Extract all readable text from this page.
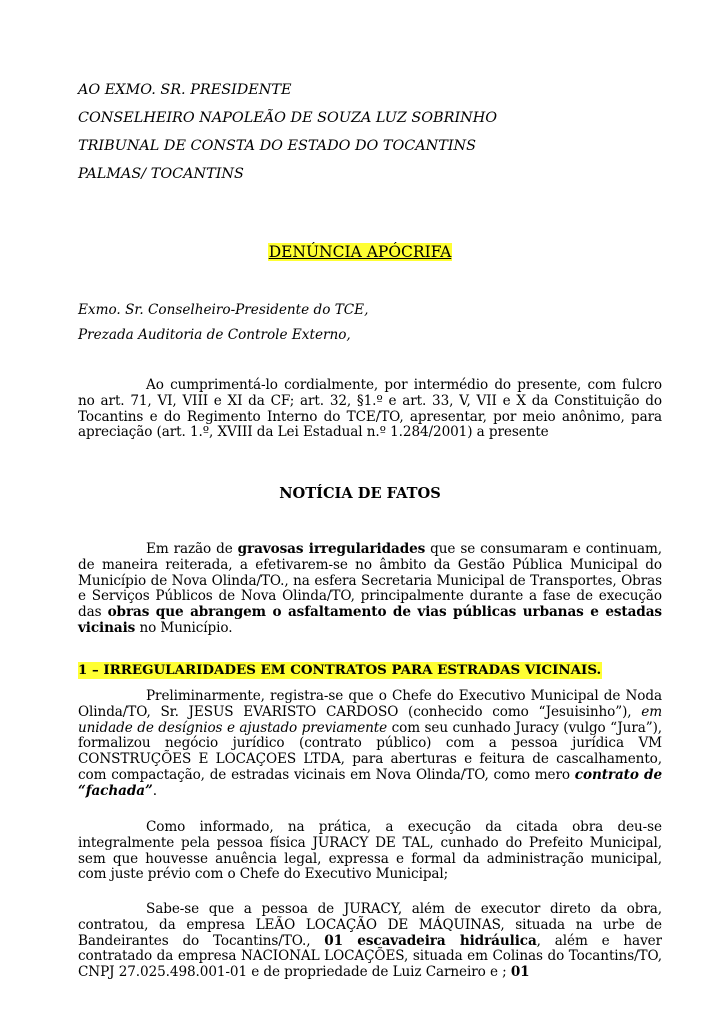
AO EXMO. SR. PRESIDENTE
CONSELHEIRO NAPOLEÃO DE SOUZA LUZ SOBRINHO
TRIBUNAL DE CONSTA DO ESTADO DO TOCANTINS
PALMAS/ TOCANTINS
DENÚNCIA APÓCRIFA
Exmo. Sr. Conselheiro-Presidente do TCE,
Prezada Auditoria de Controle Externo,
Ao cumprimentá-lo cordialmente, por intermédio do presente, com fulcro no art. 71, VI, VIII e XI da CF; art. 32, §1.º e art. 33, V, VII e X da Constituição do Tocantins e do Regimento Interno do TCE/TO, apresentar, por meio anônimo, para apreciação (art. 1.º, XVIII da Lei Estadual n.º 1.284/2001) a presente
NOTÍCIA DE FATOS
Em razão de gravosas irregularidades que se consumaram e continuam, de maneira reiterada, a efetivarem-se no âmbito da Gestão Pública Municipal do Município de Nova Olinda/TO., na esfera Secretaria Municipal de Transportes, Obras e Serviços Públicos de Nova Olinda/TO, principalmente durante a fase de execução das obras que abrangem o asfaltamento de vias públicas urbanas e estadas vicinais no Município.
1 – IRREGULARIDADES EM CONTRATOS PARA ESTRADAS VICINAIS.
Preliminarmente, registra-se que o Chefe do Executivo Municipal de Noda Olinda/TO, Sr. JESUS EVARISTO CARDOSO (conhecido como “Jesuisinho”), em unidade de desígnios e ajustado previamente com seu cunhado Juracy (vulgo “Jura”), formalizou negócio jurídico (contrato público) com a pessoa jurídica VM CONSTRUÇÕES E LOCAÇOES LTDA, para aberturas e feitura de cascalhamento, com compactação, de estradas vicinais em Nova Olinda/TO, como mero contrato de “fachada”.
Como informado, na prática, a execução da citada obra deu-se integralmente pela pessoa física JURACY DE TAL, cunhado do Prefeito Municipal, sem que houvesse anuência legal, expressa e formal da administração municipal, com juste prévio com o Chefe do Executivo Municipal;
Sabe-se que a pessoa de JURACY, além de executor direto da obra, contratou, da empresa LEÃO LOCAÇÃO DE MÁQUINAS, situada na urbe de Bandeirantes do Tocantins/TO., 01 escavadeira hidráulica, além e haver contratado da empresa NACIONAL LOCAÇÕES, situada em Colinas do Tocantins/TO, CNPJ 27.025.498.001-01 e de propriedade de Luiz Carneiro e ; 01
